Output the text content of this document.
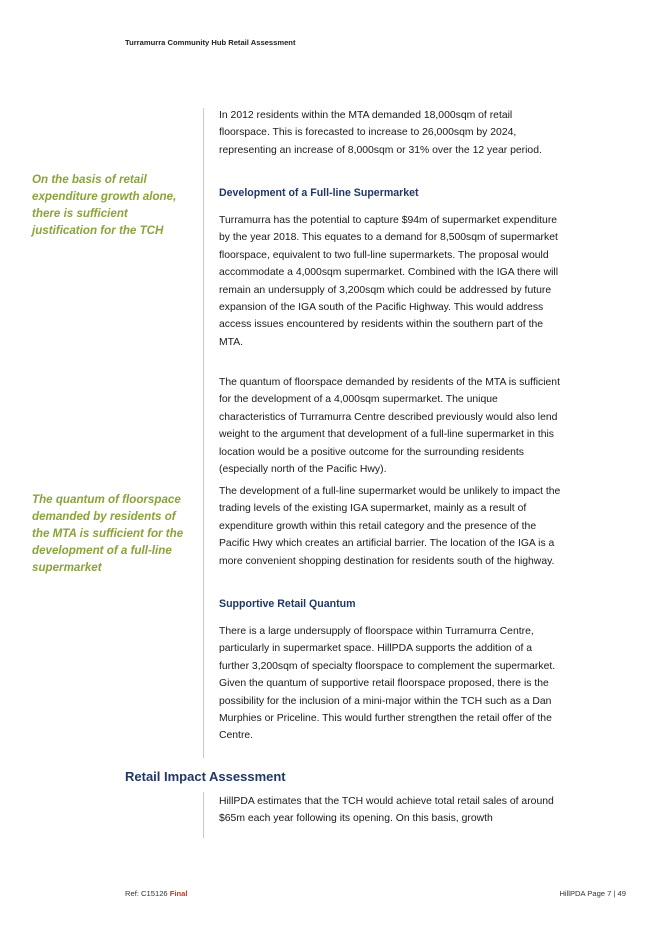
Turramurra Community Hub Retail Assessment
On the basis of retail expenditure growth alone, there is sufficient justification for the TCH
The quantum of floorspace demanded by residents of the MTA is sufficient for the development of a full-line supermarket

In 2012 residents within the MTA demanded 18,000sqm of retail floorspace. This is forecasted to increase to 26,000sqm by 2024, representing an increase of 8,000sqm or 31% over the 12 year period.

Development of a Full-line Supermarket

Turramurra has the potential to capture $94m of supermarket expenditure by the year 2018. This equates to a demand for 8,500sqm of supermarket floorspace, equivalent to two full-line supermarkets. The proposal would accommodate a 4,000sqm supermarket. Combined with the IGA there will remain an undersupply of 3,200sqm which could be addressed by future expansion of the IGA south of the Pacific Highway. This would address access issues encountered by residents within the southern part of the MTA.

The quantum of floorspace demanded by residents of the MTA is sufficient for the development of a 4,000sqm supermarket. The unique characteristics of Turramurra Centre described previously would also lend weight to the argument that development of a full-line supermarket in this location would be a positive outcome for the surrounding residents (especially north of the Pacific Hwy).

The development of a full-line supermarket would be unlikely to impact the trading levels of the existing IGA supermarket, mainly as a result of expenditure growth within this retail category and the presence of the Pacific Hwy which creates an artificial barrier. The location of the IGA is a more convenient shopping destination for residents south of the highway.

Supportive Retail Quantum

There is a large undersupply of floorspace within Turramurra Centre, particularly in supermarket space. HillPDA supports the addition of a further 3,200sqm of specialty floorspace to complement the supermarket. Given the quantum of supportive retail floorspace proposed, there is the possibility for the inclusion of a mini-major within the TCH such as a Dan Murphies or Priceline. This would further strengthen the retail offer of the Centre.

Retail Impact Assessment

HillPDA estimates that the TCH would achieve total retail sales of around $65m each year following its opening. On this basis, growth

Ref: C15126 Final	HillPDA Page 7 | 49
